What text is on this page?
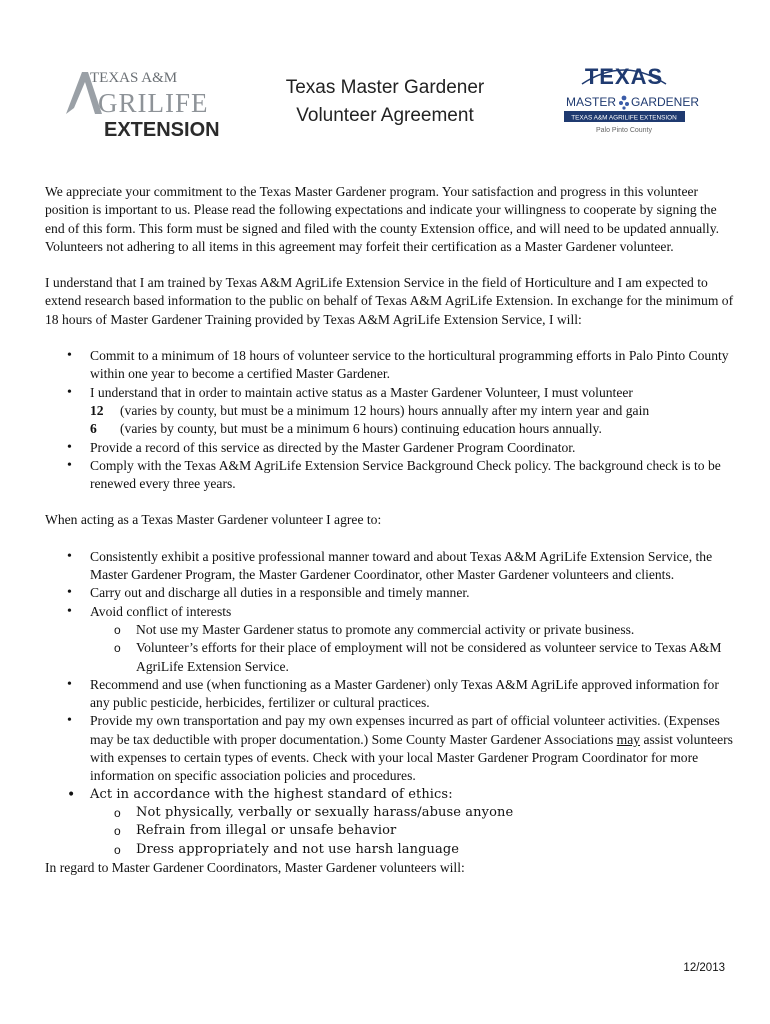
TEXAS A&M
GRILIFE
EXTENSION
Texas Master Gardener
Volunteer Agreement
TEXAS
MASTER GARDENER
TEXAS A&M AGRILIFE EXTENSION
Palo Pinto County

We appreciate your commitment to the Texas Master Gardener program. Your satisfaction and progress in this volunteer position is important to us. Please read the following expectations and indicate your willingness to cooperate by signing the end of this form. This form must be signed and filed with the county Extension office, and will need to be updated annually. Volunteers not adhering to all items in this agreement may forfeit their certification as a Master Gardener volunteer.

I understand that I am trained by Texas A&M AgriLife Extension Service in the field of Horticulture and I am expected to extend research based information to the public on behalf of Texas A&M AgriLife Extension. In exchange for the minimum of 18 hours of Master Gardener Training provided by Texas A&M AgriLife Extension Service, I will:

• Commit to a minimum of 18 hours of volunteer service to the horticultural programming efforts in Palo Pinto County within one year to become a certified Master Gardener.
• I understand that in order to maintain active status as a Master Gardener Volunteer, I must volunteer
12 (varies by county, but must be a minimum 12 hours) hours annually after my intern year and gain
6 (varies by county, but must be a minimum 6 hours) continuing education hours annually.
• Provide a record of this service as directed by the Master Gardener Program Coordinator.
• Comply with the Texas A&M AgriLife Extension Service Background Check policy. The background check is to be renewed every three years.

When acting as a Texas Master Gardener volunteer I agree to:

• Consistently exhibit a positive professional manner toward and about Texas A&M AgriLife Extension Service, the Master Gardener Program, the Master Gardener Coordinator, other Master Gardener volunteers and clients.
• Carry out and discharge all duties in a responsible and timely manner.
• Avoid conflict of interests
o Not use my Master Gardener status to promote any commercial activity or private business.
o Volunteer’s efforts for their place of employment will not be considered as volunteer service to Texas A&M AgriLife Extension Service.
• Recommend and use (when functioning as a Master Gardener) only Texas A&M AgriLife approved information for any public pesticide, herbicides, fertilizer or cultural practices.
• Provide my own transportation and pay my own expenses incurred as part of official volunteer activities. (Expenses may be tax deductible with proper documentation.) Some County Master Gardener Associations may assist volunteers with expenses to certain types of events. Check with your local Master Gardener Program Coordinator for more information on specific association policies and procedures.
• Act in accordance with the highest standard of ethics:
o Not physically, verbally or sexually harass/abuse anyone
o Refrain from illegal or unsafe behavior
o Dress appropriately and not use harsh language

In regard to Master Gardener Coordinators, Master Gardener volunteers will:

12/2013
